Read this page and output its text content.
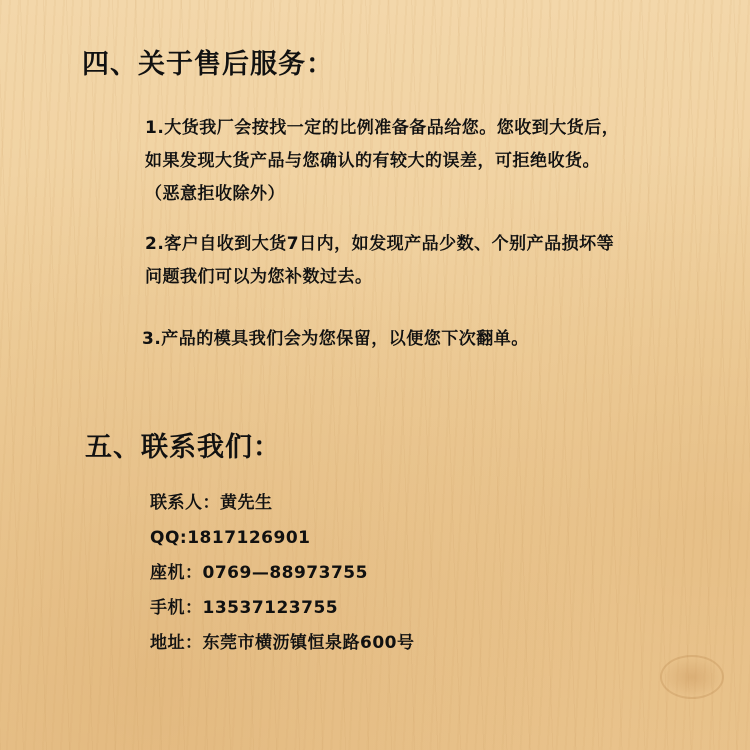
四、关于售后服务：
1.大货我厂会按找一定的比例准备备品给您。您收到大货后，
如果发现大货产品与您确认的有较大的误差，可拒绝收货。
（恶意拒收除外）
2.客户自收到大货7日内，如发现产品少数、个别产品损坏等
问题我们可以为您补数过去。
3.产品的模具我们会为您保留，以便您下次翻单。
五、联系我们：
联系人：黄先生
QQ:1817126901
座机：0769—88973755
手机：13537123755
地址：东莞市横沥镇恒泉路600号
